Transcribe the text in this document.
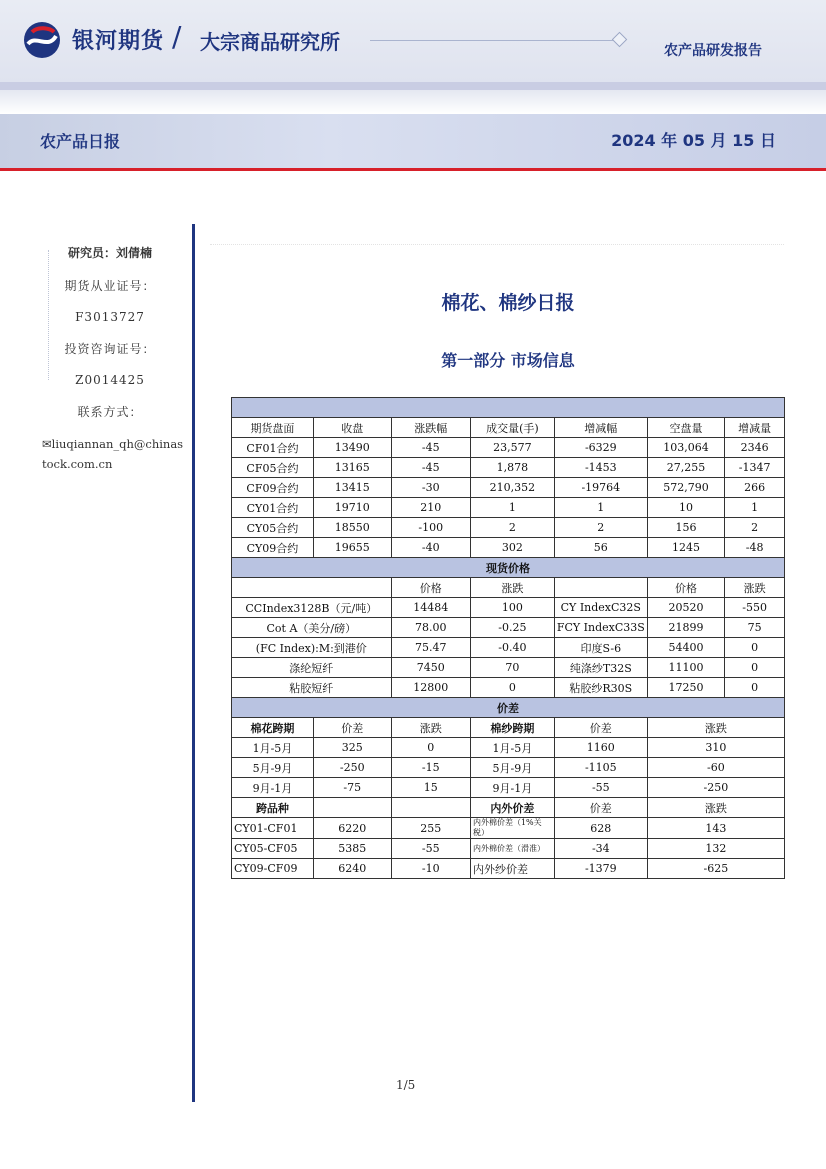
银河期货 / 大宗商品研究所	农产品研发报告
农产品日报	2024 年 05 月 15 日
研究员：刘倩楠
期货从业证号：
F3013727
投资咨询证号：
Z0014425
联系方式：
✉liuqiannan_qh@chinas
tock.com.cn
棉花、棉纱日报
第一部分 市场信息

期货盘面	收盘	涨跌幅	成交量(手)	增减幅	空盘量	增减量
CF01合约	13490	-45	23,577	-6329	103,064	2346
CF05合约	13165	-45	1,878	-1453	27,255	-1347
CF09合约	13415	-30	210,352	-19764	572,790	266
CY01合约	19710	210	1	1	10	1
CY05合约	18550	-100	2	2	156	2
CY09合约	19655	-40	302	56	1245	-48
现货价格						
		价格	涨跌		价格	涨跌
CCIndex3128B（元/吨）		14484	100	CY IndexC32S	20520	-550
Cot A（美分/磅）		78.00	-0.25	FCY IndexC33S	21899	75
(FC Index):M:到港价		75.47	-0.40	印度S-6	54400	0
涤纶短纤		7450	70	纯涤纱T32S	11100	0
粘胶短纤		12800	0	粘胶纱R30S	17250	0
价差						
棉花跨期	价差	涨跌	棉纱跨期	价差	涨跌	
1月-5月	325	0	1月-5月	1160	310	
5月-9月	-250	-15	5月-9月	-1105	-60	
9月-1月	-75	15	9月-1月	-55	-250	
跨品种			内外价差	价差	涨跌	
CY01-CF01	6220	255	内外棉价差（1%关税）	628	143	
CY05-CF05	5385	-55	内外棉价差（滑准）	-34	132	
CY09-CF09	6240	-10	内外纱价差	-1379	-625	
1/5
